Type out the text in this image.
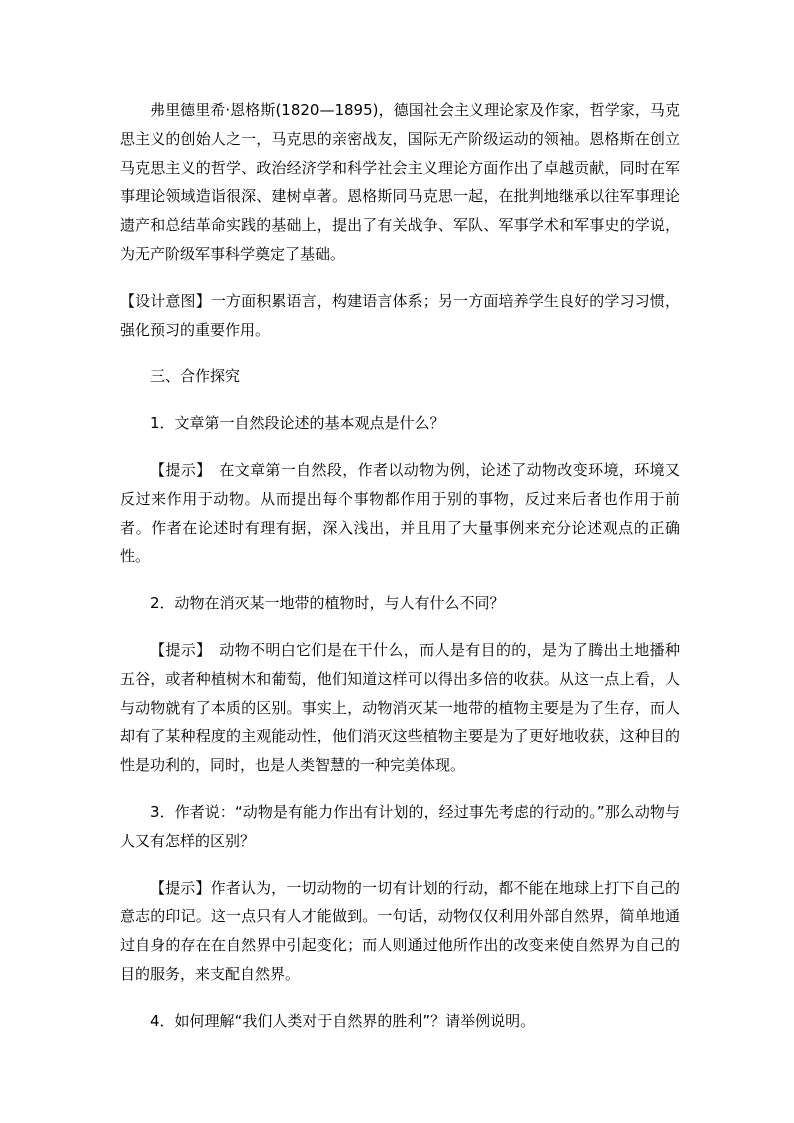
弗里德里希·恩格斯(1820—1895)，德国社会主义理论家及作家，哲学家，马克思主义的创始人之一，马克思的亲密战友，国际无产阶级运动的领袖。恩格斯在创立马克思主义的哲学、政治经济学和科学社会主义理论方面作出了卓越贡献，同时在军事理论领域造诣很深、建树卓著。恩格斯同马克思一起，在批判地继承以往军事理论遗产和总结革命实践的基础上，提出了有关战争、军队、军事学术和军事史的学说，为无产阶级军事科学奠定了基础。

【设计意图】一方面积累语言，构建语言体系；另一方面培养学生良好的学习习惯，强化预习的重要作用。

三、合作探究

1．文章第一自然段论述的基本观点是什么？

【提示】　在文章第一自然段，作者以动物为例，论述了动物改变环境，环境又反过来作用于动物。从而提出每个事物都作用于别的事物，反过来后者也作用于前者。作者在论述时有理有据，深入浅出，并且用了大量事例来充分论述观点的正确性。

2．动物在消灭某一地带的植物时，与人有什么不同？

【提示】　动物不明白它们是在干什么，而人是有目的的，是为了腾出土地播种五谷，或者种植树木和葡萄，他们知道这样可以得出多倍的收获。从这一点上看，人与动物就有了本质的区别。事实上，动物消灭某一地带的植物主要是为了生存，而人却有了某种程度的主观能动性，他们消灭这些植物主要是为了更好地收获，这种目的性是功利的，同时，也是人类智慧的一种完美体现。

3．作者说：“动物是有能力作出有计划的，经过事先考虑的行动的。”那么动物与人又有怎样的区别？

【提示】作者认为，一切动物的一切有计划的行动，都不能在地球上打下自己的意志的印记。这一点只有人才能做到。一句话，动物仅仅利用外部自然界，简单地通过自身的存在在自然界中引起变化；而人则通过他所作出的改变来使自然界为自己的目的服务，来支配自然界。

4．如何理解“我们人类对于自然界的胜利”？请举例说明。
